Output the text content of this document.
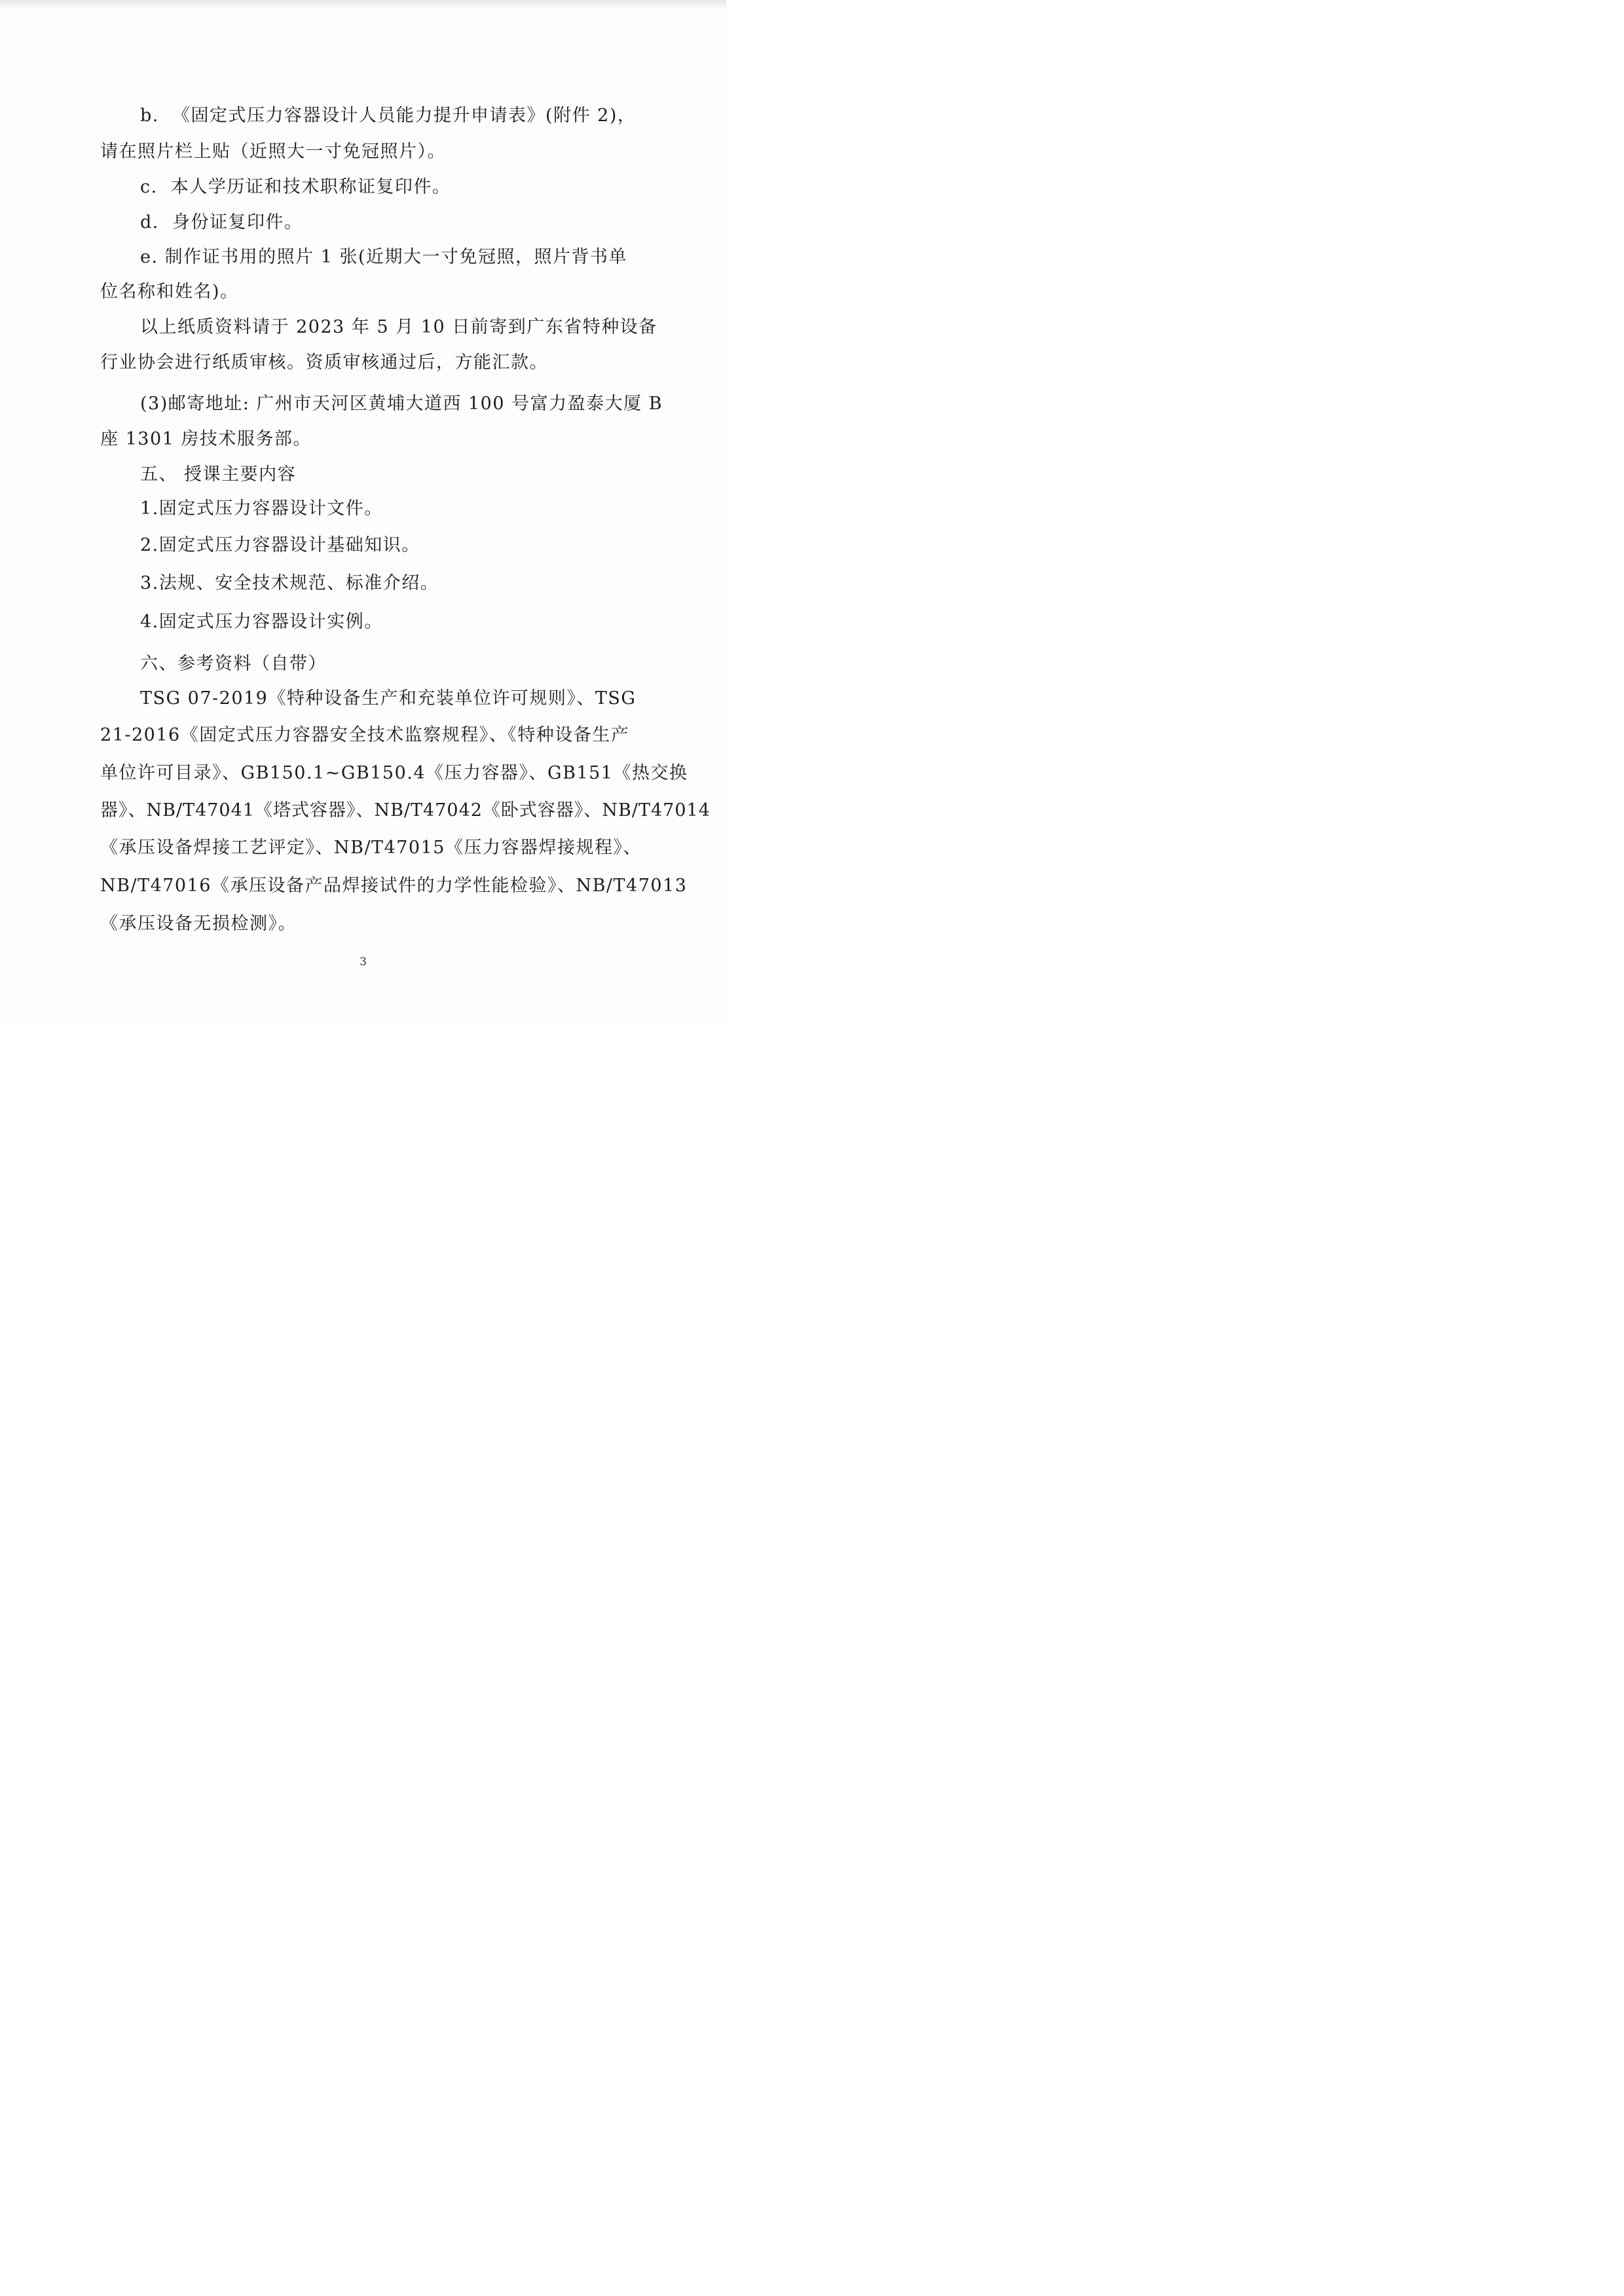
b.  《固定式压力容器设计人员能力提升申请表》(附件 2)，
请在照片栏上贴（近照大一寸免冠照片）。
c.  本人学历证和技术职称证复印件。
d.  身份证复印件。
e. 制作证书用的照片 1 张(近期大一寸免冠照，照片背书单
位名称和姓名)。
以上纸质资料请于 2023 年 5 月 10 日前寄到广东省特种设备
行业协会进行纸质审核。资质审核通过后，方能汇款。
(3)邮寄地址: 广州市天河区黄埔大道西 100 号富力盈泰大厦 B
座 1301 房技术服务部。
五、 授课主要内容
1.固定式压力容器设计文件。
2.固定式压力容器设计基础知识。
3.法规、安全技术规范、标准介绍。
4.固定式压力容器设计实例。
六、参考资料（自带）
TSG 07-2019《特种设备生产和充装单位许可规则》、TSG
21-2016《固定式压力容器安全技术监察规程》、《特种设备生产
单位许可目录》、GB150.1~GB150.4《压力容器》、GB151《热交换
器》、NB/T47041《塔式容器》、NB/T47042《卧式容器》、NB/T47014
《承压设备焊接工艺评定》、NB/T47015《压力容器焊接规程》、
NB/T47016《承压设备产品焊接试件的力学性能检验》、NB/T47013
《承压设备无损检测》。
3
